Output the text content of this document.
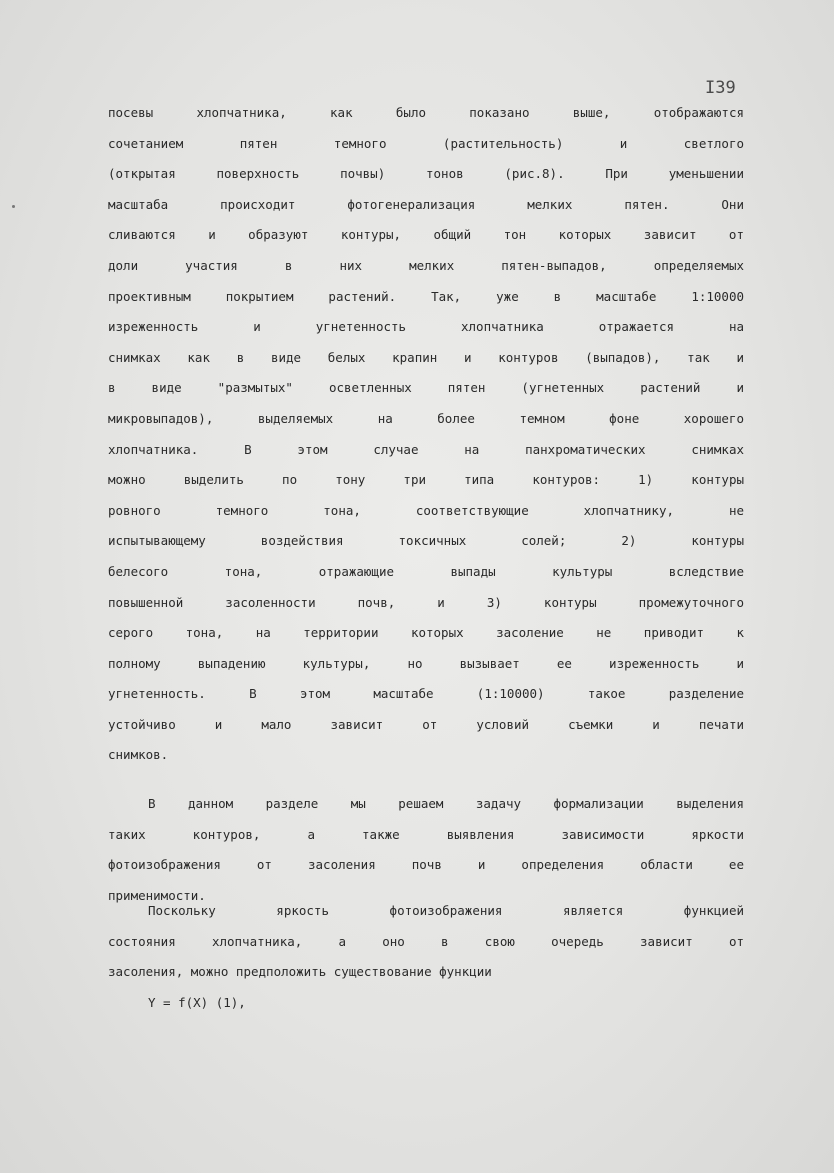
I39
посевы хлопчатника, как было показано выше, отображаются
сочетанием пятен темного (растительность) и светлого
(открытая поверхность почвы) тонов (рис.8). При уменьшении
масштаба происходит фотогенерализация мелких пятен. Они
сливаются и образуют контуры, общий тон которых зависит от
доли участия в них мелких пятен-выпадов, определяемых
проективным покрытием растений. Так, уже в масштабе 1:10000
изреженность и угнетенность хлопчатника отражается на
снимках как в виде белых крапин и контуров (выпадов), так и
в виде "размытых" осветленных пятен (угнетенных растений и
микровыпадов), выделяемых на более темном фоне хорошего
хлопчатника. В этом случае на панхроматических снимках
можно выделить по тону три типа контуров: 1) контуры
ровного темного тона, соответствующие хлопчатнику, не
испытывающему воздействия токсичных солей; 2) контуры
белесого тона, отражающие выпады культуры вследствие
повышенной засоленности почв, и 3) контуры промежуточного
серого тона, на территории которых засоление не приводит к
полному выпадению культуры, но вызывает ее изреженность и
угнетенность. В этом масштабе (1:10000) такое разделение
устойчиво и мало зависит от условий съемки и печати
снимков.
В данном разделе мы решаем задачу формализации выделения
таких контуров, а также выявления зависимости яркости
фотоизображения от засоления почв и определения области ее
применимости.
Поскольку яркость фотоизображения является функцией
состояния хлопчатника, а оно в свою очередь зависит от
засоления, можно предположить существование функции
Y = f(X) (1),
